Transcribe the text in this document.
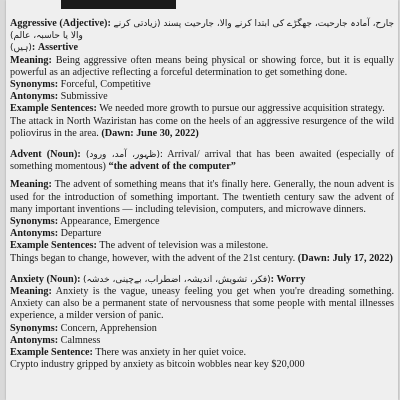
Aggressive (Adjective): جارح، آمادہ جارحیت، جھگڑے کی ابتدا کرنے والا، جارحیت پسند (زیادتی کرنے والا یا حاسبہ، عالم)

(ہیں): Assertive

Meaning: Being aggressive often means being physical or showing force, but it is equally powerful as an adjective reflecting a forceful determination to get something done.

Synonyms: Forceful, Competitive

Antonyms: Submissive

Example Sentences: We needed more growth to pursue our aggressive acquisition strategy.

The attack in North Waziristan has come on the heels of an aggressive resurgence of the wild poliovirus in the area. (Dawn: June 30, 2022)

Advent (Noun): (ظہور، آمد، ورود): Arrival/ arrival that has been awaited (especially of something momentous) “the advent of the computer”

Meaning: The advent of something means that it's finally here. Generally, the noun advent is used for the introduction of something important. The twentieth century saw the advent of many important inventions — including television, computers, and microwave dinners.

Synonyms: Appearance, Emergence

Antonyms: Departure

Example Sentences: The advent of television was a milestone.

Things began to change, however, with the advent of the 21st century. (Dawn: July 17, 2022)

Anxiety (Noun): (فکر، تشویش، اندیشہ، اضطراب، بےچینی، خدشہ): Worry

Meaning: Anxiety is the vague, uneasy feeling you get when you're dreading something. Anxiety can also be a permanent state of nervousness that some people with mental illnesses experience, a milder version of panic.

Synonyms: Concern, Apprehension

Antonyms: Calmness

Example Sentence: There was anxiety in her quiet voice.

Crypto industry gripped by anxiety as bitcoin wobbles near key $20,000
